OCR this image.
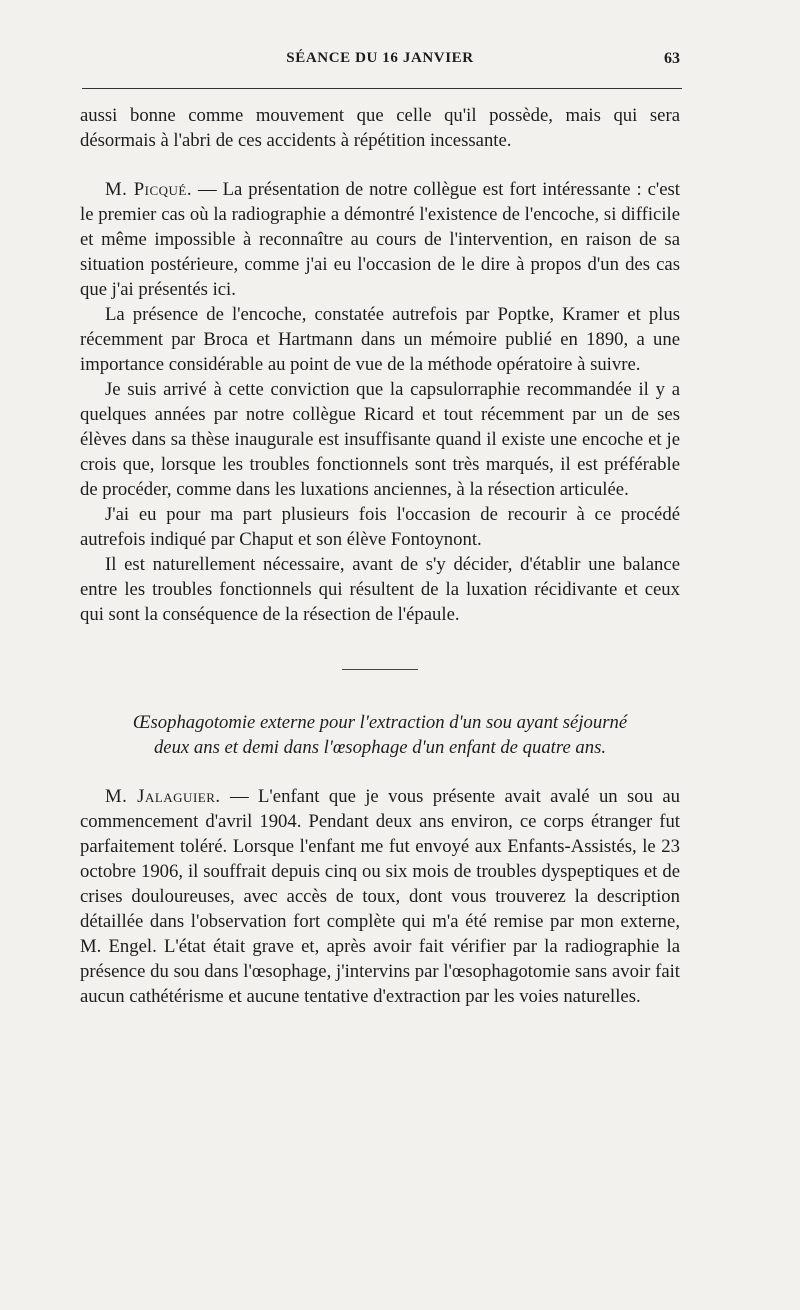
SÉANCE DU 16 JANVIER	63

aussi bonne comme mouvement que celle qu'il possède, mais qui sera désormais à l'abri de ces accidents à répétition incessante.

M. Picqué. — La présentation de notre collègue est fort intéressante : c'est le premier cas où la radiographie a démontré l'existence de l'encoche, si difficile et même impossible à reconnaître au cours de l'intervention, en raison de sa situation postérieure, comme j'ai eu l'occasion de le dire à propos d'un des cas que j'ai présentés ici.

La présence de l'encoche, constatée autrefois par Poptke, Kramer et plus récemment par Broca et Hartmann dans un mémoire publié en 1890, a une importance considérable au point de vue de la méthode opératoire à suivre.

Je suis arrivé à cette conviction que la capsulorraphie recommandée il y a quelques années par notre collègue Ricard et tout récemment par un de ses élèves dans sa thèse inaugurale est insuffisante quand il existe une encoche et je crois que, lorsque les troubles fonctionnels sont très marqués, il est préférable de procéder, comme dans les luxations anciennes, à la résection articulée.

J'ai eu pour ma part plusieurs fois l'occasion de recourir à ce procédé autrefois indiqué par Chaput et son élève Fontoynont.

Il est naturellement nécessaire, avant de s'y décider, d'établir une balance entre les troubles fonctionnels qui résultent de la luxation récidivante et ceux qui sont la conséquence de la résection de l'épaule.

Œsophagotomie externe pour l'extraction d'un sou ayant séjourné
deux ans et demi dans l'œsophage d'un enfant de quatre ans.

M. Jalaguier. — L'enfant que je vous présente avait avalé un sou au commencement d'avril 1904. Pendant deux ans environ, ce corps étranger fut parfaitement toléré. Lorsque l'enfant me fut envoyé aux Enfants-Assistés, le 23 octobre 1906, il souffrait depuis cinq ou six mois de troubles dyspeptiques et de crises douloureuses, avec accès de toux, dont vous trouverez la description détaillée dans l'observation fort complète qui m'a été remise par mon externe, M. Engel. L'état était grave et, après avoir fait vérifier par la radiographie la présence du sou dans l'œsophage, j'intervins par l'œsophagotomie sans avoir fait aucun cathétérisme et aucune tentative d'extraction par les voies naturelles.
